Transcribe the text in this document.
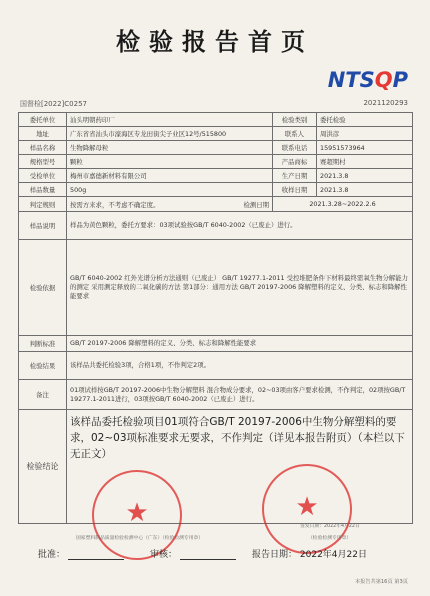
检验报告首页
NTSQP
国督检[2022]C0257	2021120293
委托单位	汕头明朝药印厂	检验类别	委托检验
地址	广东省省汕头市濠海区专龙田街尖子业区12号/515800	联系人	周洪彦
样品名称	生物降解母粒	联系电话	15951573964
规格型号	颗粒	产品商标	赛超期村
受检单位	梅州市嘉德新材料有限公司	生产日期	2021.3.8
样品数量	500g	收样日期	2021.3.8
判定规则	按需方来求，不考虑不确定度。 检测日期	2021.3.28~2022.2.6	
样品说明	样品为黄色颗粒，委托方要求：03项试验按GB/T 6040-2002（已废止）进行。		
检验依据	GB/T 6040-2002 红外光谱分析方法通则（已废止） GB/T 19277.1-2011 受控堆肥条件下材料最终需氧生物分解能力的测定 采用测定释放的二氧化碳的方法 第1部分：通用方法 GB/T 20197-2006 降解塑料的定义、分类、标志和降解性能要求		
判断标准	GB/T 20197-2006 降解塑料的定义、分类、标志和降解性能要求		
检验结果	该样品共委托检验3项，合格1项，不作判定2项。		
备注	01项试样按GB/T 20197-2006中生物分解塑料 混合物成分要求，02~03项由客户要求检测，不作判定，02项按GB/T 19277.1-2011进行，03项按GB/T 6040-2002（已废止）进行。		
检验结论	该样品委托检验项目01项符合GB/T 20197-2006中生物分解塑料的要求，02~03项标准要求无要求，不作判定（详见本报告附页）（本栏以下无正文）		
★	★
国家塑料制品质量检验检测中心（广东）（检验检测专用章）	（检验检测专用章）
签发日期：2022年4月22日
批准：	审核：	报告日期： 2022年4月22日
本报告共第16页 第3页
